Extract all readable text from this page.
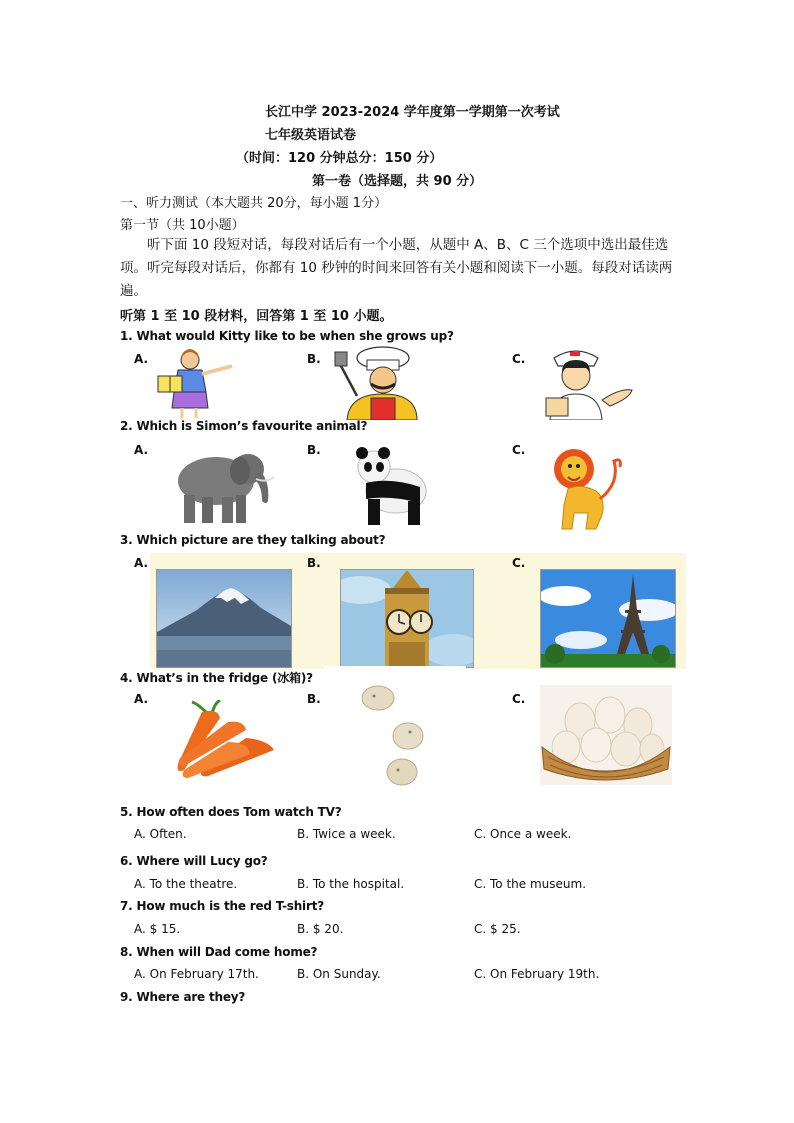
长江中学 2023-2024 学年度第一学期第一次考试
七年级英语试卷
（时间：120 分钟总分：150 分）
第一卷（选择题，共 90 分）
一、听力测试（本大题共 20分，每小题 1分）
第一节（共 10小题）
听下面 10 段短对话，每段对话后有一个小题，从题中 A、B、C 三个选项中选出最佳选项。听完每段对话后，你都有 10 秒钟的时间来回答有关小题和阅读下一小题。每段对话读两遍。
听第 1 至 10 段材料，回答第 1 至 10 小题。
1. What would Kitty like to be when she grows up?
A.	B.	C.
2. Which is Simon’s favourite animal?
A.	B.	C.
3. Which picture are they talking about?
A.	B.	C.
4. What’s in the fridge (冰箱)?
A.	B.	C.
5. How often does Tom watch TV?
A. Often.	B. Twice a week.	C. Once a week.
6. Where will Lucy go?
A. To the theatre.	B. To the hospital.	C. To the museum.
7. How much is the red T-shirt?
A. $ 15.	B. $ 20.	C. $ 25.
8. When will Dad come home?
A. On February 17th.	B. On Sunday.	C. On February 19th.
9. Where are they?
